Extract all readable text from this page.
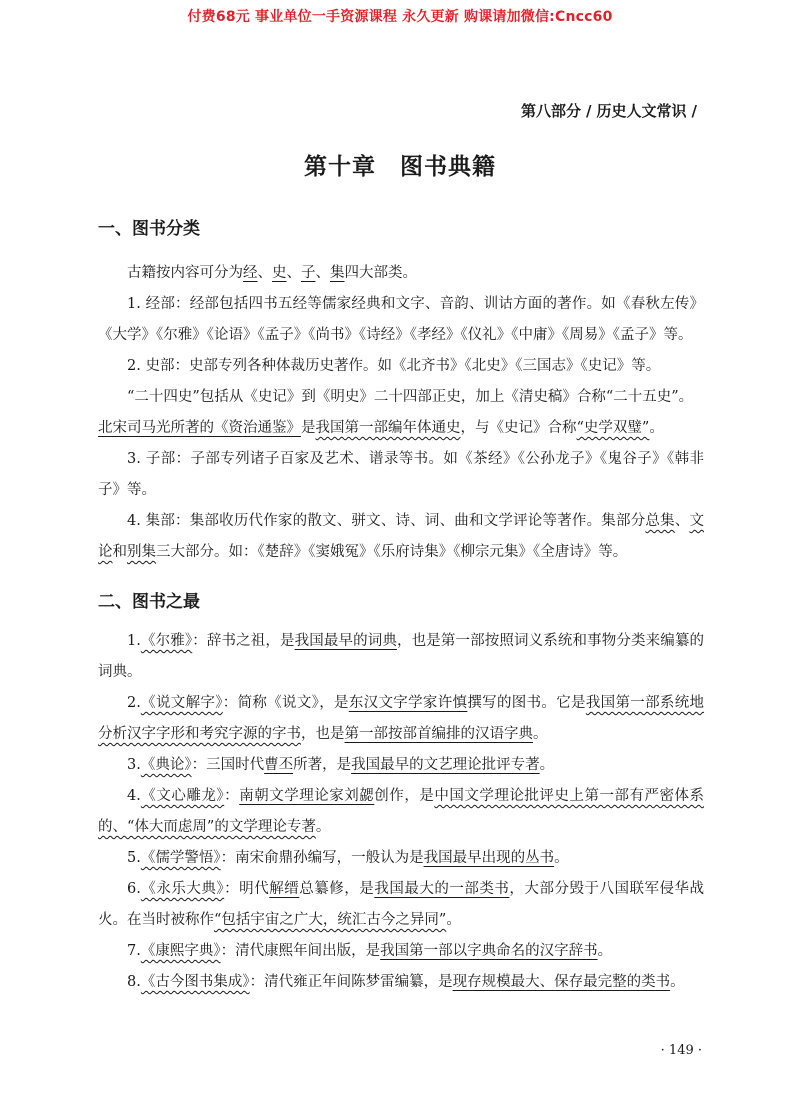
付费68元 事业单位一手资源课程 永久更新 购课请加微信:Cncc60
第八部分 / 历史人文常识 /
第十章　图书典籍
一、图书分类
古籍按内容可分为经、史、子、集四大部类。
1. 经部：经部包括四书五经等儒家经典和文字、音韵、训诂方面的著作。如《春秋左传》《大学》《尔雅》《论语》《孟子》《尚书》《诗经》《孝经》《仪礼》《中庸》《周易》《孟子》等。
2. 史部：史部专列各种体裁历史著作。如《北齐书》《北史》《三国志》《史记》等。
“二十四史”包括从《史记》到《明史》二十四部正史，加上《清史稿》合称“二十五史”。
北宋司马光所著的《资治通鉴》是我国第一部编年体通史，与《史记》合称“史学双璧”。
3. 子部：子部专列诸子百家及艺术、谱录等书。如《茶经》《公孙龙子》《鬼谷子》《韩非子》等。
4. 集部：集部收历代作家的散文、骈文、诗、词、曲和文学评论等著作。集部分总集、文论和别集三大部分。如：《楚辞》《窦娥冤》《乐府诗集》《柳宗元集》《全唐诗》等。
二、图书之最
1.《尔雅》：辞书之祖，是我国最早的词典，也是第一部按照词义系统和事物分类来编纂的词典。
2.《说文解字》：简称《说文》，是东汉文字学家许慎撰写的图书。它是我国第一部系统地分析汉字字形和考究字源的字书，也是第一部按部首编排的汉语字典。
3.《典论》：三国时代曹丕所著，是我国最早的文艺理论批评专著。
4.《文心雕龙》：南朝文学理论家刘勰创作，是中国文学理论批评史上第一部有严密体系的、“体大而虑周”的文学理论专著。
5.《儒学警悟》：南宋俞鼎孙编写，一般认为是我国最早出现的丛书。
6.《永乐大典》：明代解缙总纂修，是我国最大的一部类书，大部分毁于八国联军侵华战火。在当时被称作“包括宇宙之广大，统汇古今之异同”。
7.《康熙字典》：清代康熙年间出版，是我国第一部以字典命名的汉字辞书。
8.《古今图书集成》：清代雍正年间陈梦雷编纂，是现存规模最大、保存最完整的类书。
· 149 ·
